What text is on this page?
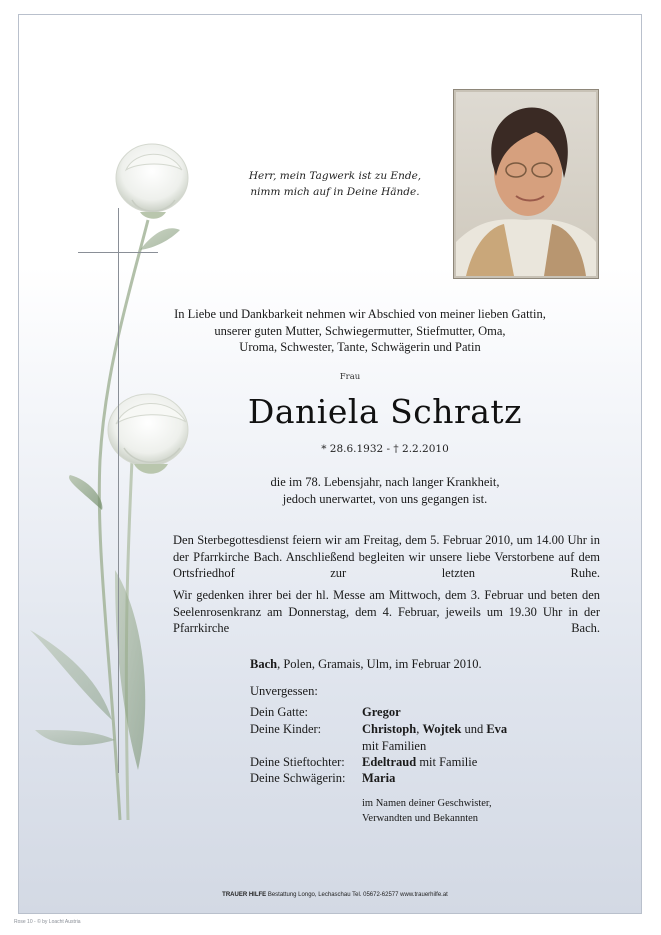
Herr, mein Tagwerk ist zu Ende,
nimm mich auf in Deine Hände.
In Liebe und Dankbarkeit nehmen wir Abschied von meiner lieben Gattin,
unserer guten Mutter, Schwiegermutter, Stiefmutter, Oma,
Uroma, Schwester, Tante, Schwägerin und Patin
Frau
Daniela Schratz
* 28.6.1932 - † 2.2.2010
die im 78. Lebensjahr, nach langer Krankheit,
jedoch unerwartet, von uns gegangen ist.
Den Sterbegottesdienst feiern wir am Freitag, dem 5. Februar 2010, um 14.00 Uhr in der Pfarrkirche Bach. Anschließend begleiten wir unsere liebe Verstorbene auf dem Ortsfriedhof zur letzten Ruhe.
Wir gedenken ihrer bei der hl. Messe am Mittwoch, dem 3. Februar und beten den Seelenrosenkranz am Donnerstag, dem 4. Februar, jeweils um 19.30 Uhr in der Pfarrkirche Bach.
Bach, Polen, Gramais, Ulm, im Februar 2010.
Unvergessen:
Dein Gatte:	Gregor
Deine Kinder:	Christoph, Wojtek und Eva
mit Familien
Deine Stieftochter:	Edeltraud mit Familie
Deine Schwägerin:	Maria
im Namen deiner Geschwister,
Verwandten und Bekannten
TRAUER HILFE Bestattung Longo, Lechaschau Tel. 05672-62577 www.trauerhilfe.at
Rose 10 - © by Loacht Austria
